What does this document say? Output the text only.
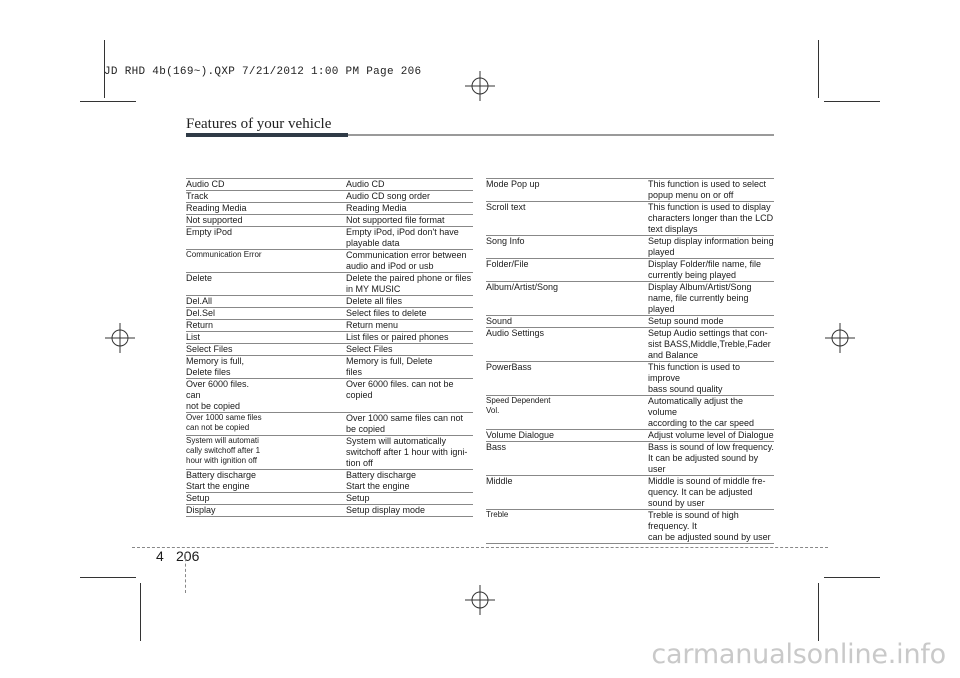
JD RHD 4b(169~).QXP 7/21/2012 1:00 PM Page 206
Features of your vehicle
Audio CD		Audio CD
Track		Audio CD song order
Reading Media		Reading Media
Not supported		Not supported file format
Empty iPod		Empty iPod, iPod don't have
playable data
Communication Error		Communication error between
audio and iPod or usb
Delete		Delete the paired phone or files
in MY MUSIC
Del.All		Delete all files
Del.Sel		Select files to delete
Return		Return menu
List		List files or paired phones
Select Files		Select Files
Memory is full,
Delete files		Memory is full, Delete
files
Over 6000 files. can
not be copied		Over 6000 files. can not be
copied
Over 1000 same files
can not be copied		Over 1000 same files can not
be copied
System will automati
cally switchoff after 1
hour with ignition off		System will automatically
switchoff after 1 hour with igni-
tion off
Battery discharge
Start the engine		Battery discharge
Start the engine
Setup		Setup
Display		Setup display mode
Mode Pop up		This function is used to select
popup menu on or off
Scroll text		This function is used to display
characters longer than the LCD
text displays
Song Info		Setup display information being
played
Folder/File		Display Folder/file name, file
currently being played
Album/Artist/Song		Display Album/Artist/Song
name, file currently being played
Sound		Setup sound mode
Audio Settings		Setup Audio settings that con-
sist BASS,Middle,Treble,Fader
and Balance
PowerBass		This function is used to improve
bass sound quality
Speed Dependent Vol.		Automatically adjust the volume
according to the car speed
Volume Dialogue		Adjust volume level of Dialogue
Bass		Bass is sound of low frequency.
It can be adjusted sound by
user
Middle		Middle is sound of middle fre-
quency. It can be adjusted
sound by user
Treble		Treble is sound of high frequency. It
can be adjusted sound by user
4 206
carmanualsonline.info
